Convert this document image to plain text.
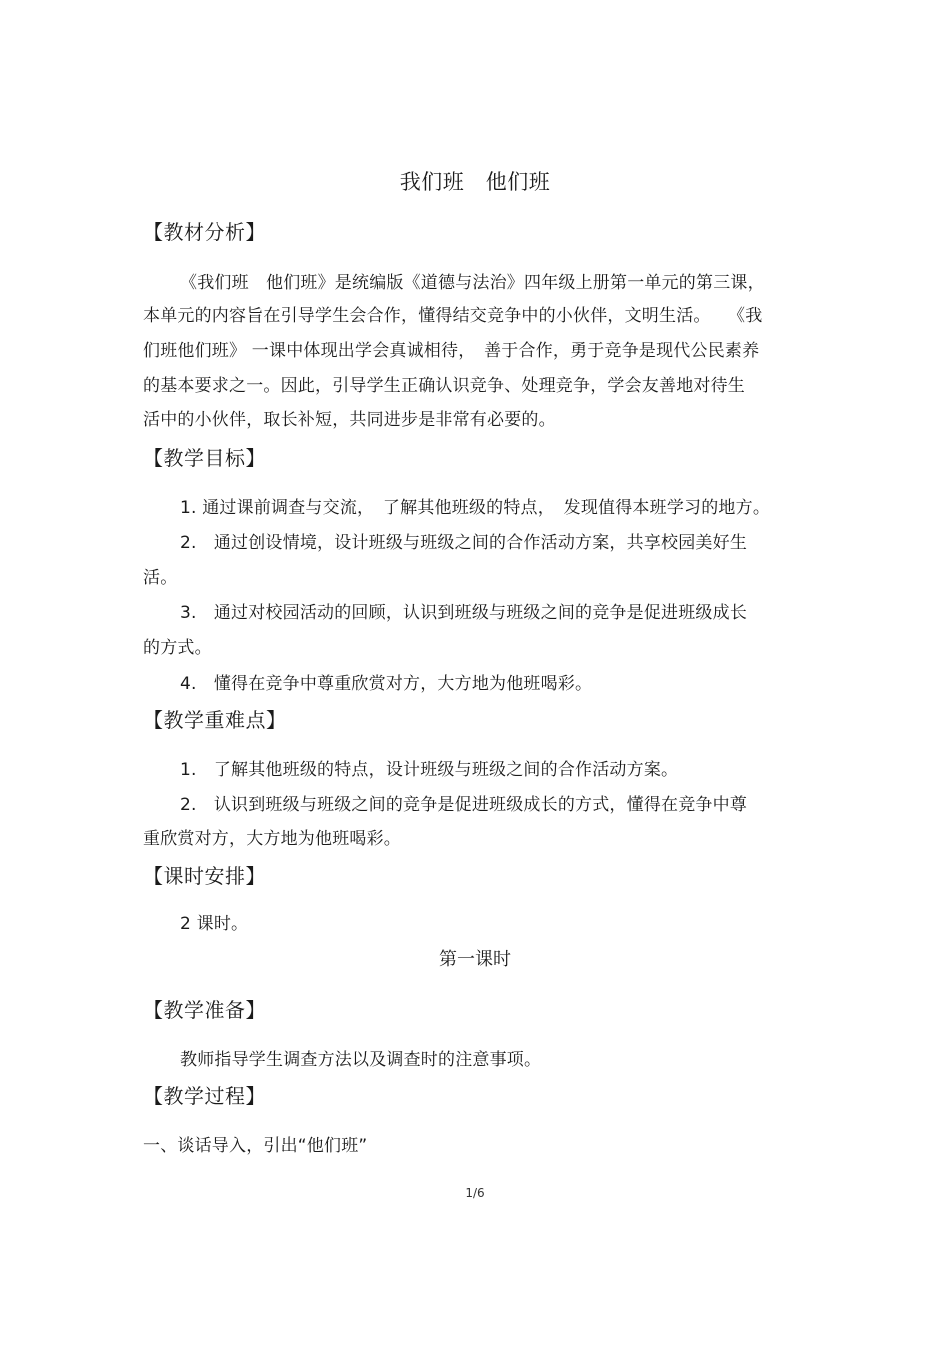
我们班　他们班
【教材分析】
《我们班　他们班》是统编版《道德与法治》四年级上册第一单元的第三课，
本单元的内容旨在引导学生会合作，懂得结交竞争中的小伙伴，文明生活。　　《我
们班他们班》 一课中体现出学会真诚相待，　善于合作，勇于竞争是现代公民素养
的基本要求之一。因此，引导学生正确认识竞争、处理竞争，学会友善地对待生
活中的小伙伴，取长补短，共同进步是非常有必要的。
【教学目标】
1. 通过课前调查与交流，　了解其他班级的特点，　发现值得本班学习的地方。
2.　通过创设情境，设计班级与班级之间的合作活动方案，共享校园美好生
活。
3.　通过对校园活动的回顾，认识到班级与班级之间的竞争是促进班级成长
的方式。
4.　懂得在竞争中尊重欣赏对方，大方地为他班喝彩。
【教学重难点】
1.　了解其他班级的特点，设计班级与班级之间的合作活动方案。
2.　认识到班级与班级之间的竞争是促进班级成长的方式，懂得在竞争中尊
重欣赏对方，大方地为他班喝彩。
【课时安排】
2 课时。
第一课时
【教学准备】
教师指导学生调查方法以及调查时的注意事项。
【教学过程】
一、谈话导入，引出“他们班”
1/6
